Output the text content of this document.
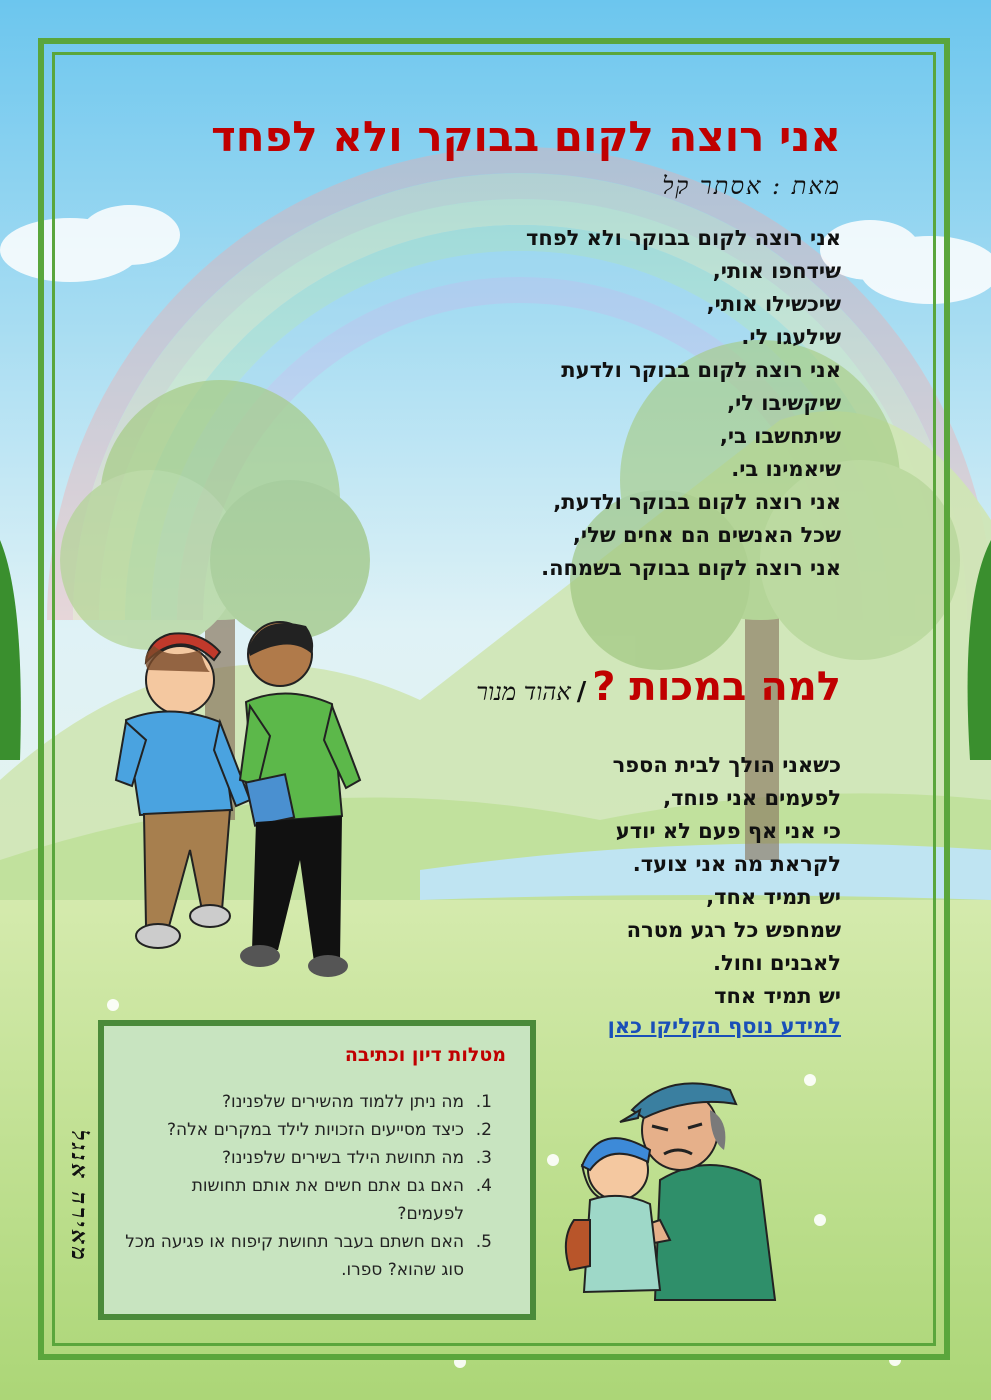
אני רוצה לקום בבוקר ולא לפחד
מאת : אסתר קל
אני רוצה לקום בבוקר ולא לפחד
שידחפו אותי,
שיכשילו אותי,
שילעגו לי.
אני רוצה לקום בבוקר ולדעת
שיקשיבו לי,
שיתחשבו בי,
שיאמינו בי.
אני רוצה לקום בבוקר ולדעת,
שכל האנשים הם אחים שלי,
אני רוצה לקום בבוקר בשמחה.
למה במכות ?/אהוד מנור
כשאני הולך לבית הספר
לפעמים אני פוחד,
כי אני אף פעם לא יודע
לקראת מה אני צועד.
יש תמיד אחד,
שמחפש כל רגע מטרה
לאבנים וחול.
יש תמיד אחד
למידע נוסף הקליקו כאן
מטלות דיון וכתיבה
1.
מה ניתן ללמוד מהשירים שלפנינו?
2.
כיצד מסייעים הזכויות לילד במקרים אלה?
3.
מה תחושת הילד בשירים שלפנינו?
4.
האם גם אתם חשים את אותם תחושות לפעמים?
5.
האם חשתם בעבר תחושת קיפוח או פגיעה מכל סוג שהוא? ספרו.
מאירה אנגל
